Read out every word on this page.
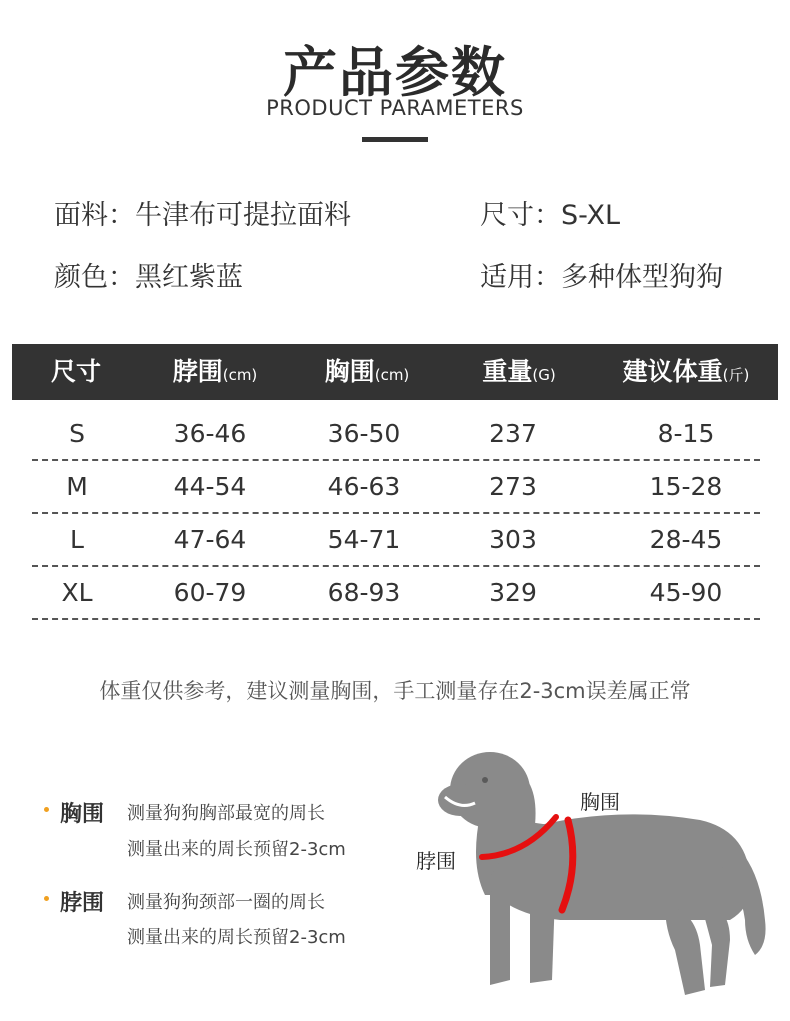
产品参数
PRODUCT PARAMETERS
面料：牛津布可提拉面料	尺寸：S-XL
颜色：黑红紫蓝	适用：多种体型狗狗
尺寸	脖围(cm)	胸围(cm)	重量(G)	建议体重(斤)
S	36-46	36-50	237	8-15
M	44-54	46-63	273	15-28
L	47-64	54-71	303	28-45
XL	60-79	68-93	329	45-90
体重仅供参考，建议测量胸围，手工测量存在2-3cm误差属正常
胸围 测量狗狗胸部最宽的周长
测量出来的周长预留2-3cm
脖围 测量狗狗颈部一圈的周长
测量出来的周长预留2-3cm
胸围
脖围
